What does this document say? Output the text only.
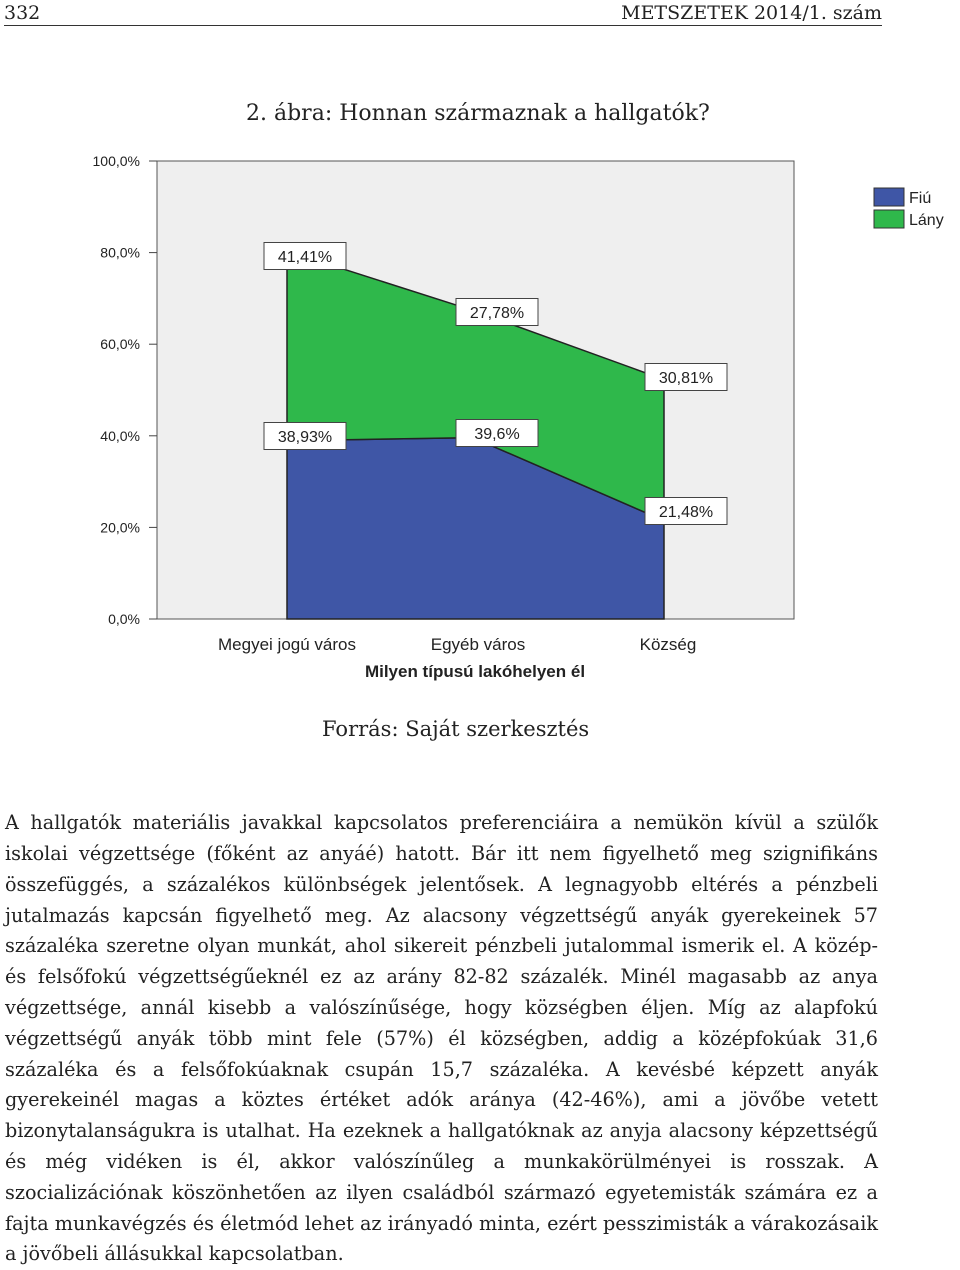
332	METSZETEK 2014/1. szám
2. ábra: Honnan származnak a hallgatók?
0,0%
20,0%
40,0%
60,0%
80,0%
100,0%
38,93%	39,6%
21,48%
41,41%
27,78%
30,81%
Megyei jogú város	Egyéb város	Község
Milyen típusú lakóhelyen él
Fiú
Lány
Forrás: Saját szerkesztés

A hallgatók materiális javakkal kapcsolatos preferenciáira a nemükön kívül a szülők iskolai végzettsége (főként az anyáé) hatott. Bár itt nem figyelhető meg szignifikáns összefüggés, a százalékos különbségek jelentősek. A legnagyobb eltérés a pénzbeli jutalmazás kapcsán figyelhető meg. Az alacsony végzettségű anyák gyerekeinek 57 százaléka szeretne olyan munkát, ahol sikereit pénzbeli jutalommal ismerik el. A közép- és felsőfokú végzettségűeknél ez az arány 82-82 százalék. Minél magasabb az anya végzettsége, annál kisebb a valószínűsége, hogy községben éljen. Míg az alapfokú végzettségű anyák több mint fele (57%) él községben, addig a középfokúak 31,6 százaléka és a felsőfokúaknak csupán 15,7 százaléka. A kevésbé képzett anyák gyerekeinél magas a köztes értéket adók aránya (42-46%), ami a jövőbe vetett bizonytalanságukra is utalhat. Ha ezeknek a hallgatóknak az anyja alacsony képzettségű és még vidéken is él, akkor valószínűleg a munkakörülményei is rosszak. A szocializációnak köszönhetően az ilyen családból származó egyetemisták számára ez a fajta munkavégzés és életmód lehet az irányadó minta, ezért pesszimisták a várakozásaik a jövőbeli állásukkal kapcsolatban.
